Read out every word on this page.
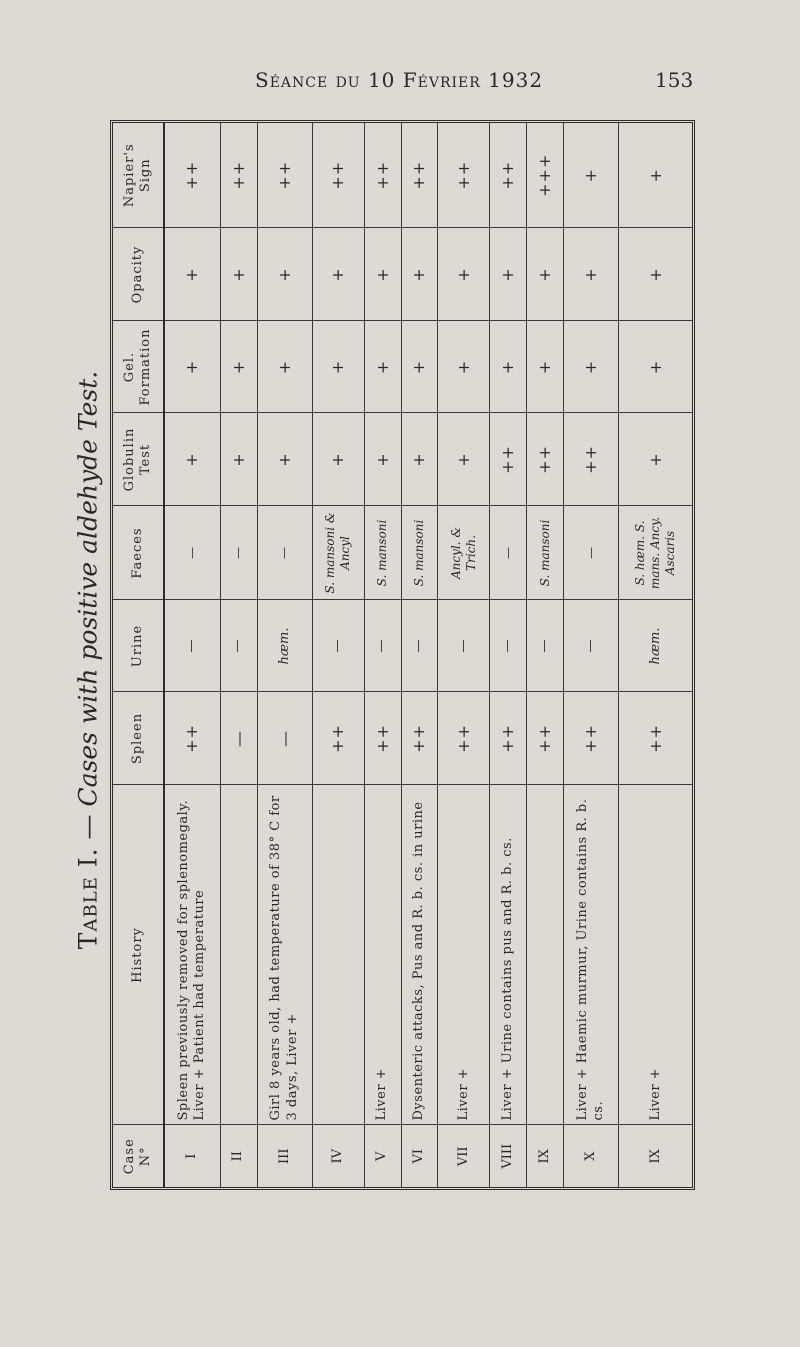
Séance du 10 Février 1932	153
Table I. — Cases with positive aldehyde Test.
Case N°	History	Spleen	Urine	Faeces	Globulin Test	Gel. Formation	Opacity	Napier's Sign
I	Spleen previously removed for splenomegaly. Liver + Patient had temperature	++	—	—	+	+	+	++
II		—	—	—	+	+	+	++
III	Girl 8 years old, had temperature of 38° C for 3 days, Liver +	—	hæm.	—	+	+	+	++
IV		++	—	S. mansoni & Ancyl	+	+	+	++
V	Liver +	++	—	S. mansoni	+	+	+	++
VI	Dysenteric attacks, Pus and R. b. cs. in urine	++	—	S. mansoni	+	+	+	++
VII	Liver +	++	—	Ancyl. & Trich.	+	+	+	++
VIII	Liver + Urine contains pus and R. b. cs.	++	—	—	++	+	+	++
IX		++	—	S. mansoni	++	+	+	+++
X	Liver + Haemic murmur, Urine contains R. b. cs.	++	—	—	++	+	+	+
IX	Liver +	++	hæm.	S. hæm. S. mans. Ancy. Ascaris	+	+	+	+
